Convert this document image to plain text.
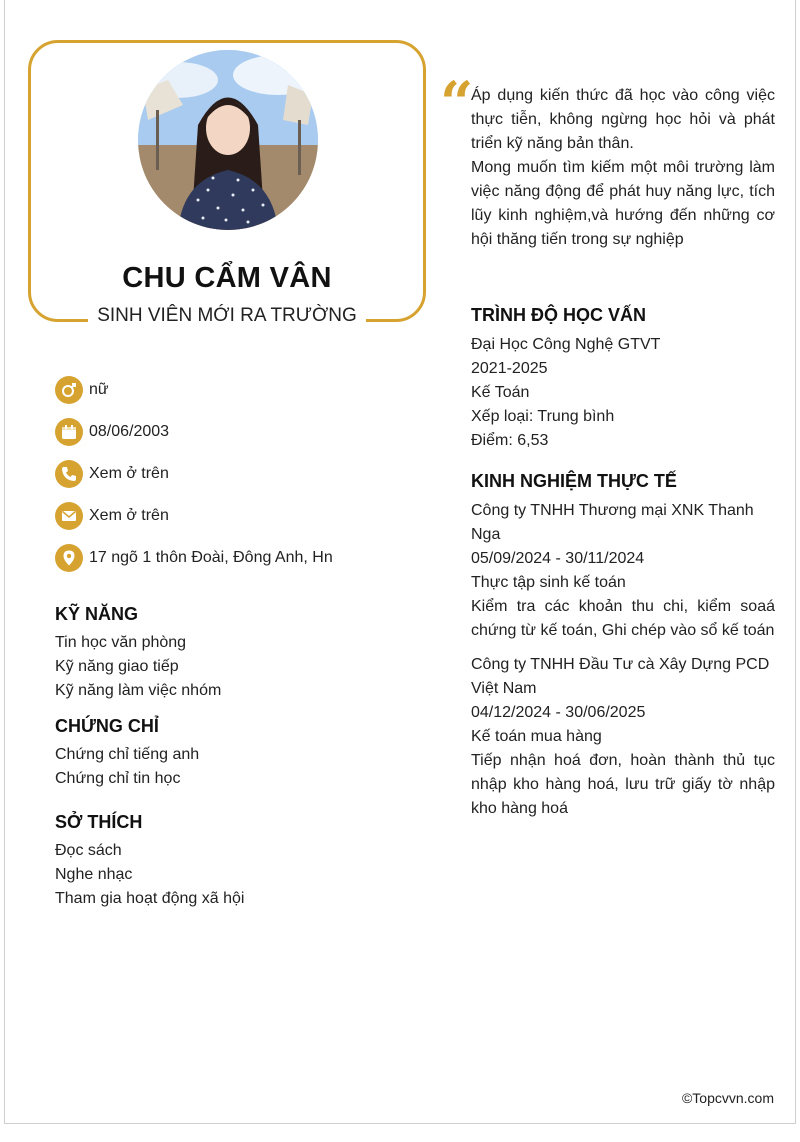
CHU CẨM VÂN
SINH VIÊN MỚI RA TRƯỜNG
nữ
08/06/2003
Xem ở trên
Xem ở trên
17 ngõ 1 thôn Đoài, Đông Anh, Hn
KỸ NĂNG
Tin học văn phòng
Kỹ năng giao tiếp
Kỹ năng làm việc nhóm
CHỨNG CHỈ
Chứng chỉ tiếng anh
Chứng chỉ tin học
SỞ THÍCH
Đọc sách
Nghe nhạc
Tham gia hoạt động xã hội
“
Áp dụng kiến thức đã học vào công việc thực tiễn, không ngừng học hỏi và phát triển kỹ năng bản thân.
Mong muốn tìm kiếm một môi trường làm việc năng động để phát huy năng lực, tích lũy kinh nghiệm,và hướng đến những cơ hội thăng tiến trong sự nghiệp
TRÌNH ĐỘ HỌC VẤN
Đại Học Công Nghệ GTVT
2021-2025
Kế Toán
Xếp loại: Trung bình
Điểm: 6,53
KINH NGHIỆM THỰC TẾ
Công ty TNHH Thương mại XNK Thanh Nga
05/09/2024 - 30/11/2024
Thực tập sinh kế toán
Kiểm tra các khoản thu chi, kiểm soaá chứng từ kế toán, Ghi chép vào sổ kế toán
Công ty TNHH Đầu Tư cà Xây Dựng PCD Việt Nam
04/12/2024 - 30/06/2025
Kế toán mua hàng
Tiếp nhận hoá đơn, hoàn thành thủ tục nhập kho hàng hoá, lưu trữ giấy tờ nhập kho hàng hoá
©Topcvvn.com
